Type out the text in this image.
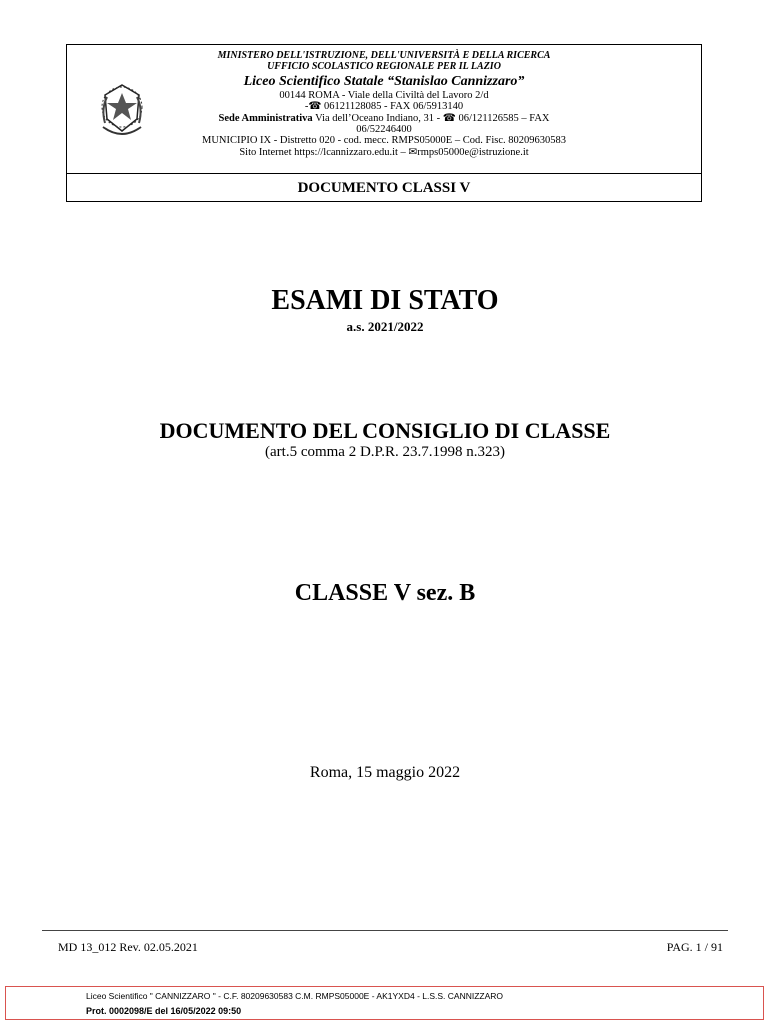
MINISTERO DELL'ISTRUZIONE, DELL'UNIVERSITÀ E DELLA RICERCA
UFFICIO SCOLASTICO REGIONALE PER IL LAZIO
Liceo Scientifico Statale “Stanislao Cannizzaro”
00144 ROMA - Viale della Civiltà del Lavoro 2/d
-☎ 06121128085 - FAX 06/5913140
Sede Amministrativa Via dell’Oceano Indiano, 31 - ☎ 06/121126585 – FAX
06/52246400
MUNICIPIO IX - Distretto 020 - cod. mecc. RMPS05000E – Cod. Fisc. 80209630583
Sito Internet https://lcannizzaro.edu.it – ✉rmps05000e@istruzione.it
DOCUMENTO CLASSI V
ESAMI DI STATO
a.s. 2021/2022
DOCUMENTO DEL CONSIGLIO DI CLASSE
(art.5 comma 2 D.P.R. 23.7.1998 n.323)
CLASSE V sez. B
Roma, 15 maggio 2022
MD 13_012 Rev. 02.05.2021	PAG. 1 / 91
Liceo Scientifico " CANNIZZARO " - C.F. 80209630583 C.M. RMPS05000E - AK1YXD4 - L.S.S. CANNIZZARO
Prot. 0002098/E del 16/05/2022 09:50
